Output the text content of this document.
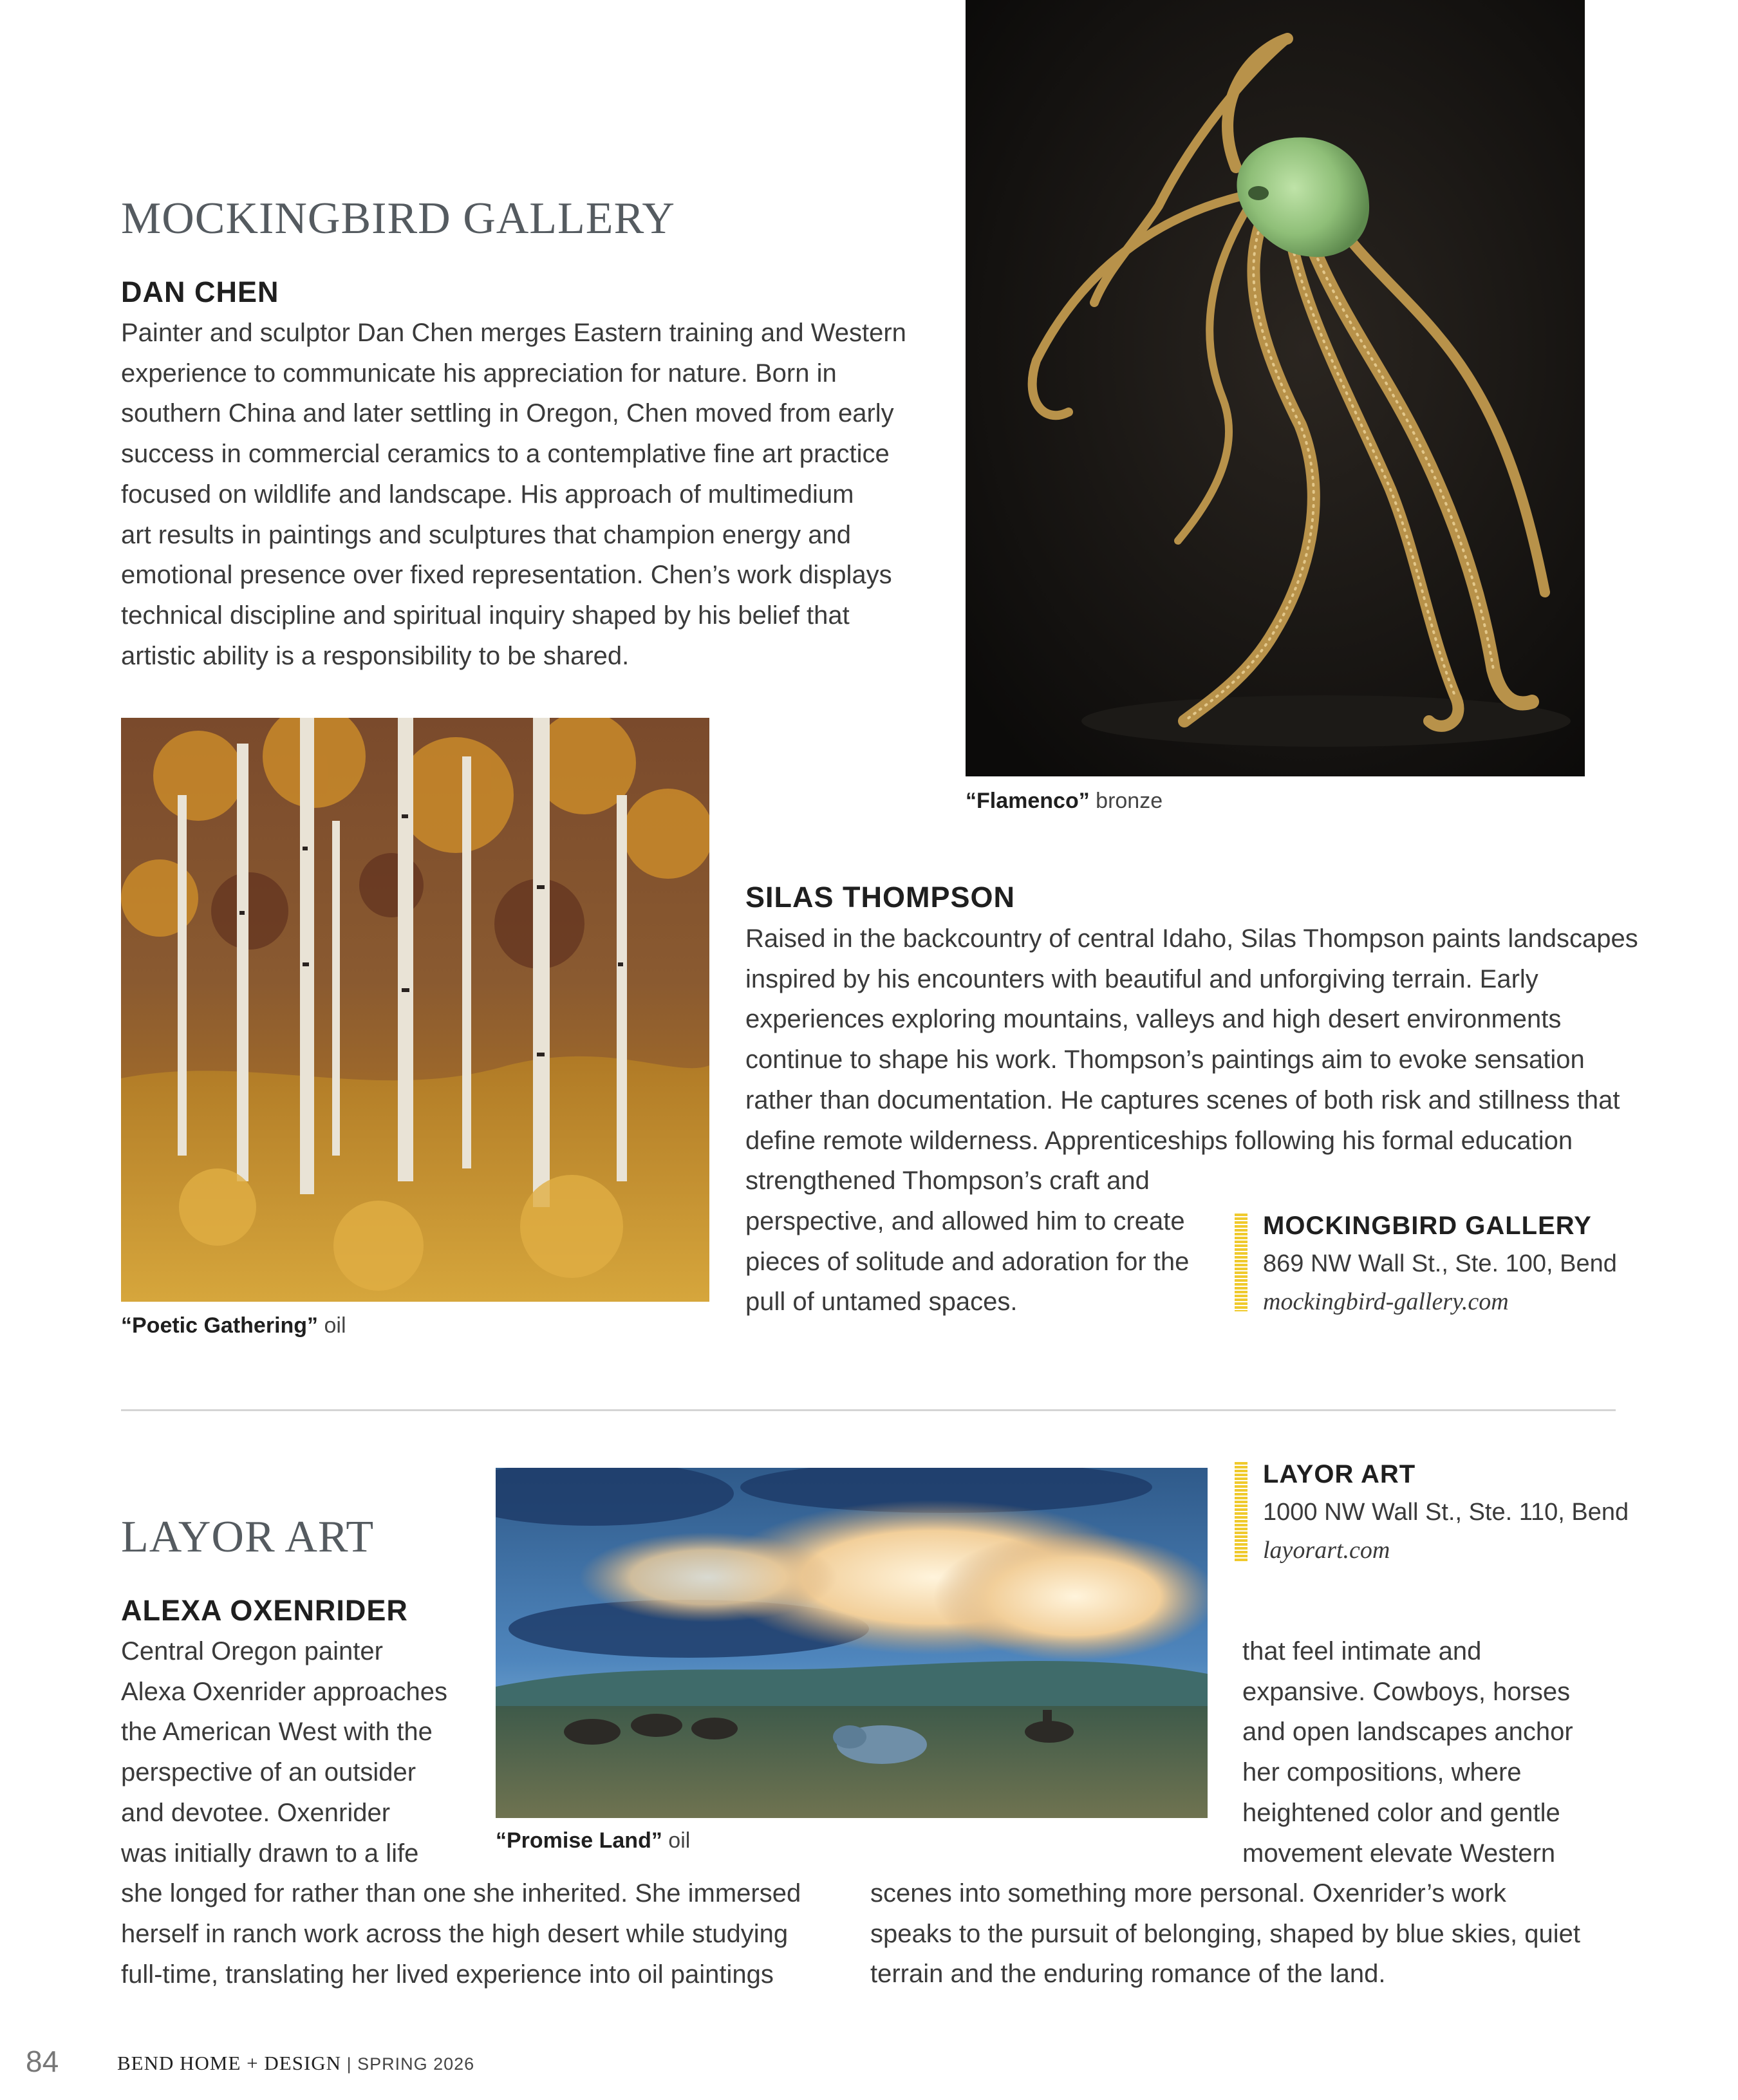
MOCKINGBIRD GALLERY
DAN CHEN

Painter and sculptor Dan Chen merges Eastern training and Western

experience to communicate his appreciation for nature. Born in

southern China and later settling in Oregon, Chen moved from early

success in commercial ceramics to a contemplative fine art practice

focused on wildlife and landscape. His approach of multimedium

art results in paintings and sculptures that champion energy and

emotional presence over fixed representation. Chen’s work displays

technical discipline and spiritual inquiry shaped by his belief that

artistic ability is a responsibility to be shared.

“Flamenco” bronze
“Poetic Gathering” oil
SILAS THOMPSON

Raised in the backcountry of central Idaho, Silas Thompson paints landscapes

inspired by his encounters with beautiful and unforgiving terrain. Early

experiences exploring mountains, valleys and high desert environments

continue to shape his work. Thompson’s paintings aim to evoke sensation

rather than documentation. He captures scenes of both risk and stillness that

define remote wilderness. Apprenticeships following his formal education

strengthened Thompson’s craft and

perspective, and allowed him to create

pieces of solitude and adoration for the

pull of untamed spaces.

MOCKINGBIRD GALLERY
869 NW Wall St., Ste. 100, Bend
mockingbird-gallery.com
LAYOR ART
LAYOR ART
1000 NW Wall St., Ste. 110, Bend
layorart.com
“Promise Land” oil
ALEXA OXENRIDER

Central Oregon painter

Alexa Oxenrider approaches

the American West with the

perspective of an outsider

and devotee. Oxenrider

was initially drawn to a life

she longed for rather than one she inherited. She immersed

herself in ranch work across the high desert while studying

full-time, translating her lived experience into oil paintings

that feel intimate and

expansive. Cowboys, horses

and open landscapes anchor

her compositions, where

heightened color and gentle

movement elevate Western

scenes into something more personal. Oxenrider’s work

speaks to the pursuit of belonging, shaped by blue skies, quiet

terrain and the enduring romance of the land.

84	BEND HOME + DESIGN | SPRING 2026
